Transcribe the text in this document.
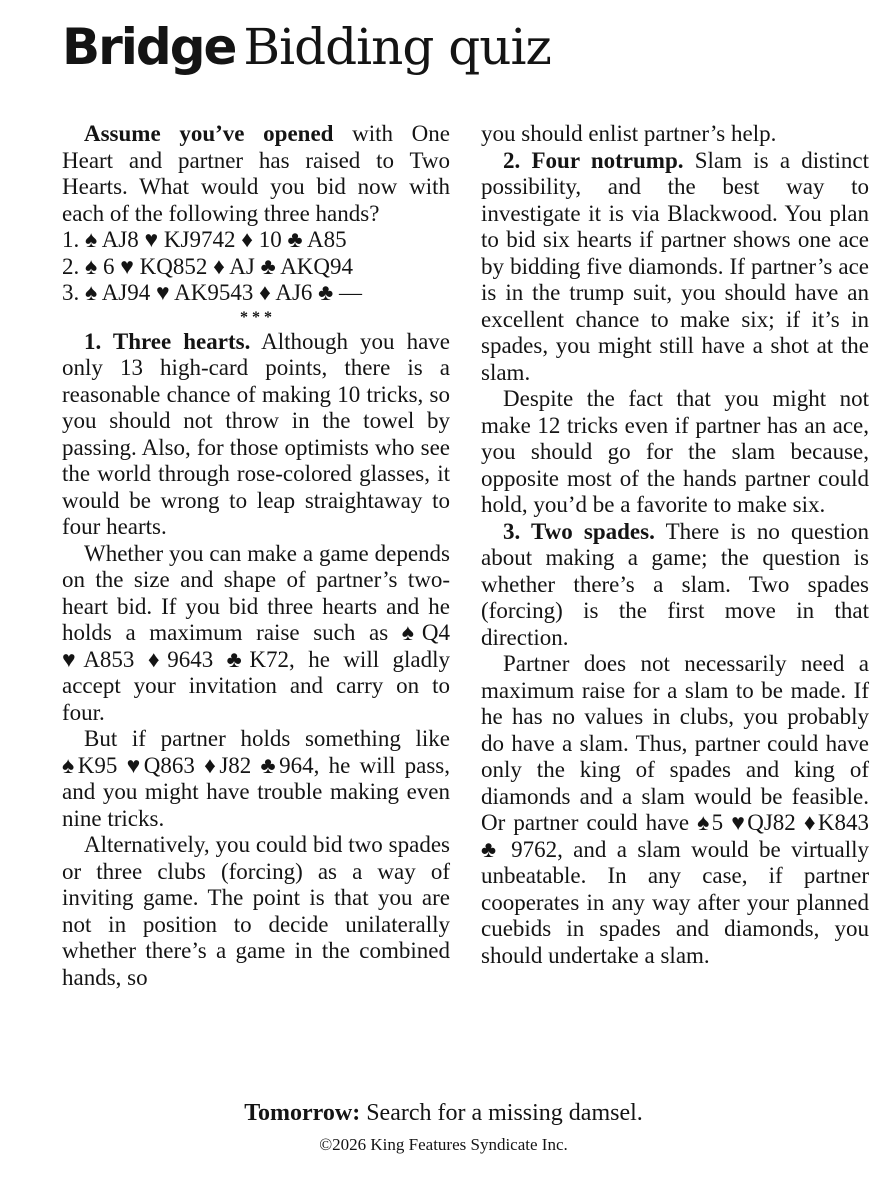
Bridge Bidding quiz

Assume you’ve opened with One Heart and partner has raised to Two Hearts. What would you bid now with each of the following three hands?

1. ♠ AJ8 ♥ KJ9742 ♦ 10 ♣ A85

2. ♠ 6 ♥ KQ852 ♦ AJ ♣ AKQ94

3. ♠ AJ94 ♥ AK9543 ♦ AJ6 ♣ —

* * *

1. Three hearts. Although you have only 13 high-card points, there is a reasonable chance of making 10 tricks, so you should not throw in the towel by passing. Also, for those optimists who see the world through rose-colored glasses, it would be wrong to leap straightaway to four hearts.

Whether you can make a game depends on the size and shape of partner’s two-heart bid. If you bid three hearts and he holds a maximum raise such as ♠Q4 ♥A853 ♦9643 ♣K72, he will gladly accept your invitation and carry on to four.

But if partner holds something like ♠K95 ♥Q863 ♦J82 ♣964, he will pass, and you might have trouble making even nine tricks.

Alternatively, you could bid two spades or three clubs (forcing) as a way of inviting game. The point is that you are not in position to decide unilaterally whether there’s a game in the combined hands, so

you should enlist partner’s help.

2. Four notrump. Slam is a distinct possibility, and the best way to investigate it is via Blackwood. You plan to bid six hearts if partner shows one ace by bidding five diamonds. If partner’s ace is in the trump suit, you should have an excellent chance to make six; if it’s in spades, you might still have a shot at the slam.

Despite the fact that you might not make 12 tricks even if partner has an ace, you should go for the slam because, opposite most of the hands partner could hold, you’d be a favorite to make six.

3. Two spades. There is no question about making a game; the question is whether there’s a slam. Two spades (forcing) is the first move in that direction.

Partner does not necessarily need a maximum raise for a slam to be made. If he has no values in clubs, you probably do have a slam. Thus, partner could have only the king of spades and king of diamonds and a slam would be feasible. Or partner could have ♠5 ♥QJ82 ♦K843 ♣ 9762, and a slam would be virtually unbeatable. In any case, if partner cooperates in any way after your planned cuebids in spades and diamonds, you should undertake a slam.

Tomorrow: Search for a missing damsel.
©2026 King Features Syndicate Inc.
